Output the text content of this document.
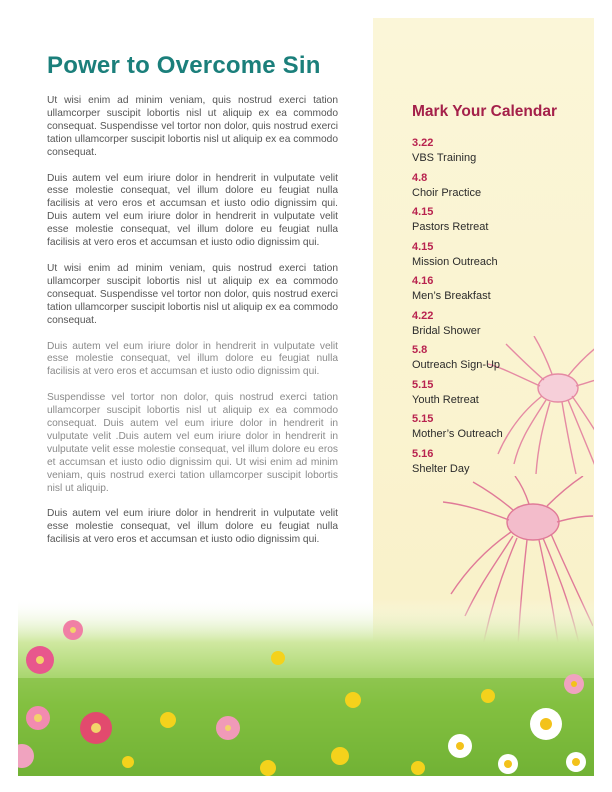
Power to Overcome Sin

Ut wisi enim ad minim veniam, quis nostrud exerci tation ullamcorper suscipit lobortis nisl ut aliquip ex ea commodo consequat. Suspendisse vel tortor non dolor, quis nostrud exerci tation ullamcorper suscipit lobortis nisl ut aliquip ex ea commodo consequat.

Duis autem vel eum iriure dolor in hendrerit in vulputate velit esse molestie consequat, vel illum dolore eu feugiat nulla facilisis at vero eros et accumsan et iusto odio dignissim qui. Duis autem vel eum iriure dolor in hendrerit in vulputate velit esse molestie consequat, vel illum dolore eu feugiat nulla facilisis at vero eros et accumsan et iusto odio dignissim qui.

Ut wisi enim ad minim veniam, quis nostrud exerci tation ullamcorper suscipit lobortis nisl ut aliquip ex ea commodo consequat. Suspendisse vel tortor non dolor, quis nostrud exerci tation ullamcorper suscipit lobortis nisl ut aliquip ex ea commodo consequat.

Duis autem vel eum iriure dolor in hendrerit in vulputate velit esse molestie consequat, vel illum dolore eu feugiat nulla facilisis at vero eros et accumsan et iusto odio dignissim qui.

Suspendisse vel tortor non dolor, quis nostrud exerci tation ullamcorper suscipit lobortis nisl ut aliquip ex ea commodo consequat. Duis autem vel eum iriure dolor in hendrerit in vulputate velit .Duis autem vel eum iriure dolor in hendrerit in vulputate velit esse molestie consequat, vel illum dolore eu eros et accumsan et iusto odio dignissim qui. Ut wisi enim ad minim veniam, quis nostrud exerci tation ullamcorper suscipit lobortis nisl ut aliquip.

Duis autem vel eum iriure dolor in hendrerit in vulputate velit esse molestie consequat, vel illum dolore eu feugiat nulla facilisis at vero eros et accumsan et iusto odio dignissim qui.

Mark Your Calendar
3.22
VBS Training
4.8
Choir Practice
4.15
Pastors Retreat
4.15
Mission Outreach
4.16
Men’s Breakfast
4.22
Bridal Shower
5.8
Outreach Sign-Up
5.15
Youth Retreat
5.15
Mother’s Outreach
5.16
Shelter Day
